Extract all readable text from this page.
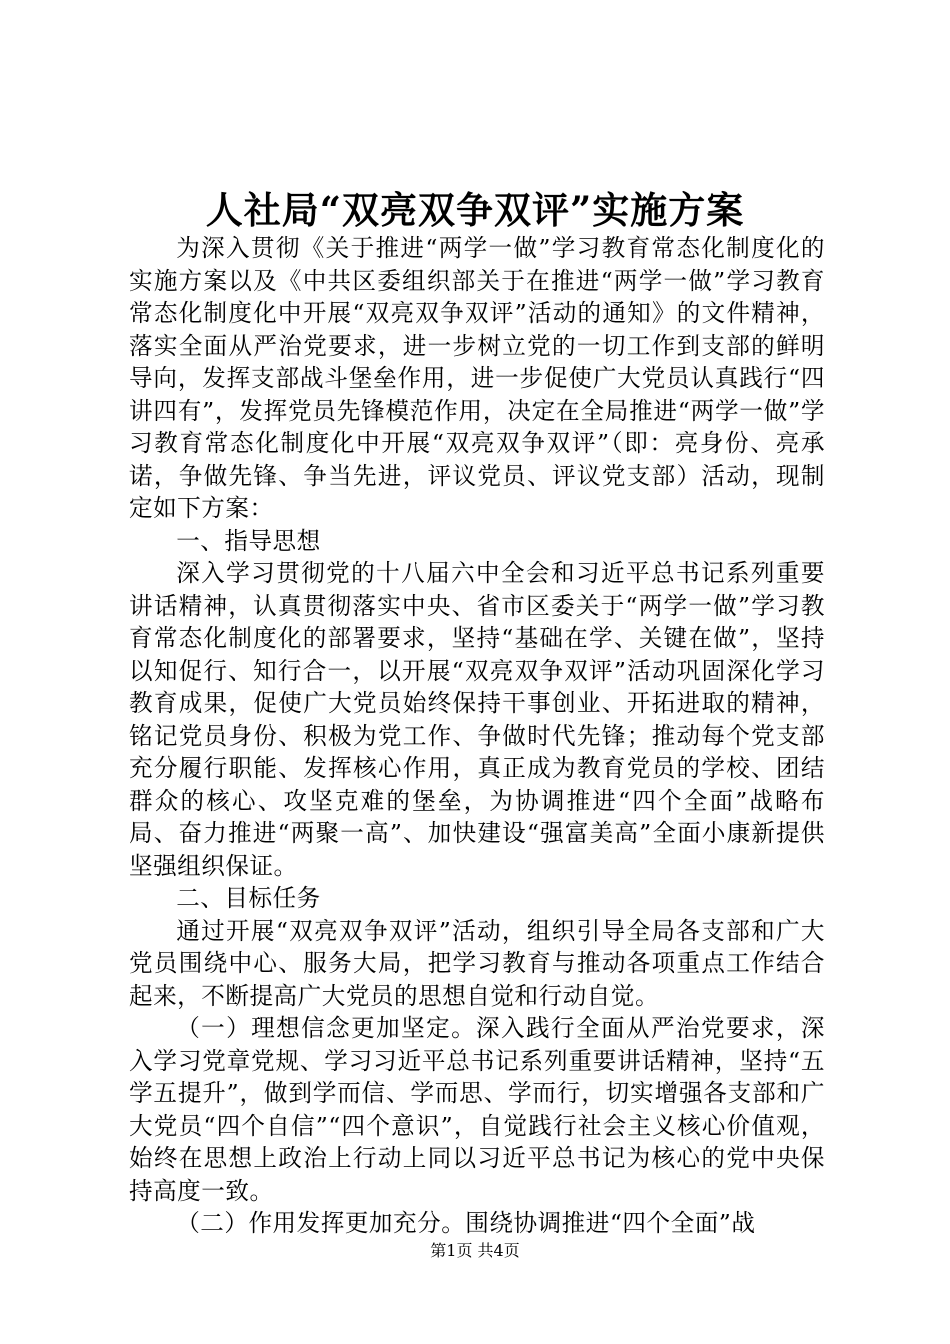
人社局“双亮双争双评”实施方案

为深入贯彻《关于推进“两学一做”学习教育常态化制度化的实施方案以及《中共区委组织部关于在推进“两学一做”学习教育常态化制度化中开展“双亮双争双评”活动的通知》的文件精神，落实全面从严治党要求，进一步树立党的一切工作到支部的鲜明导向，发挥支部战斗堡垒作用，进一步促使广大党员认真践行“四讲四有”，发挥党员先锋模范作用，决定在全局推进“两学一做”学习教育常态化制度化中开展“双亮双争双评”（即：亮身份、亮承诺，争做先锋、争当先进，评议党员、评议党支部）活动，现制定如下方案：

一、指导思想

深入学习贯彻党的十八届六中全会和习近平总书记系列重要讲话精神，认真贯彻落实中央、省市区委关于“两学一做”学习教育常态化制度化的部署要求，坚持“基础在学、关键在做”，坚持以知促行、知行合一，以开展“双亮双争双评”活动巩固深化学习教育成果，促使广大党员始终保持干事创业、开拓进取的精神，铭记党员身份、积极为党工作、争做时代先锋；推动每个党支部充分履行职能、发挥核心作用，真正成为教育党员的学校、团结群众的核心、攻坚克难的堡垒，为协调推进“四个全面”战略布局、奋力推进“两聚一高”、加快建设“强富美高”全面小康新提供坚强组织保证。

二、目标任务

通过开展“双亮双争双评”活动，组织引导全局各支部和广大党员围绕中心、服务大局，把学习教育与推动各项重点工作结合起来，不断提高广大党员的思想自觉和行动自觉。

（一）理想信念更加坚定。深入践行全面从严治党要求，深入学习党章党规、学习习近平总书记系列重要讲话精神，坚持“五学五提升”，做到学而信、学而思、学而行，切实增强各支部和广大党员“四个自信”“四个意识”，自觉践行社会主义核心价值观，始终在思想上政治上行动上同以习近平总书记为核心的党中央保持高度一致。

（二）作用发挥更加充分。围绕协调推进“四个全面”战

第1页 共4页
